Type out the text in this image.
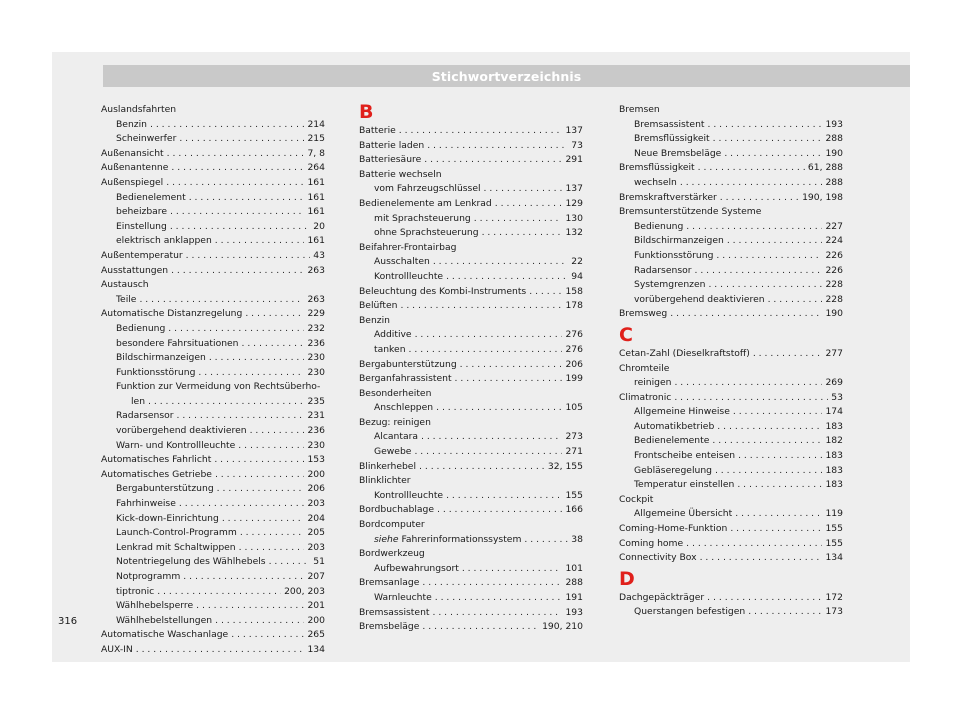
Stichwortverzeichnis
Auslandsfahrten
Benzin . . .	214
Scheinwerfer . . .	215
Außenansicht . . .	7, 8
Außenantenne . . .	264
Außenspiegel . . .	161
Bedienelement . . .	161
beheizbare . . .	161
Einstellung . . .	20
elektrisch anklappen . . .	161
Außentemperatur . . .	43
Ausstattungen . . .	263
Austausch
Teile . . .	263
Automatische Distanzregelung . . .	229
Bedienung . . .	232
besondere Fahrsituationen . . .	236
Bildschirmanzeigen . . .	230
Funktionsstörung . . .	230
Funktion zur Vermeidung von Rechtsüberho-
len . . .	235
Radarsensor . . .	231
vorübergehend deaktivieren . . .	236
Warn- und Kontrollleuchte . . .	230
Automatisches Fahrlicht . . .	153
Automatisches Getriebe . . .	200
Bergabunterstützung . . .	206
Fahrhinweise . . .	203
Kick-down-Einrichtung . . .	204
Launch-Control-Programm . . .	205
Lenkrad mit Schaltwippen . . .	203
Notentriegelung des Wählhebels . . .	51
Notprogramm . . .	207
tiptronic . . .	200, 203
Wählhebelsperre . . .	201
Wählhebelstellungen . . .	200
Automatische Waschanlage . . .	265
AUX-IN . . .	134
B
Batterie . . .	137
Batterie laden . . .	73
Batteriesäure . . .	291
Batterie wechseln
vom Fahrzeugschlüssel . . .	137
Bedienelemente am Lenkrad . . .	129
mit Sprachsteuerung . . .	130
ohne Sprachsteuerung . . .	132
Beifahrer-Frontairbag
Ausschalten . . .	22
Kontrollleuchte . . .	94
Beleuchtung des Kombi-Instruments . . .	158
Belüften . . .	178
Benzin
Additive . . .	276
tanken . . .	276
Bergabunterstützung . . .	206
Berganfahrassistent . . .	199
Besonderheiten
Anschleppen . . .	105
Bezug: reinigen
Alcantara . . .	273
Gewebe . . .	271
Blinkerhebel . . .	32, 155
Blinklichter
Kontrollleuchte . . .	155
Bordbuchablage . . .	166
Bordcomputer
siehe Fahrerinformationssystem . . .	38
Bordwerkzeug
Aufbewahrungsort . . .	101
Bremsanlage . . .	288
Warnleuchte . . .	191
Bremsassistent . . .	193
Bremsbeläge . . .	190, 210
Bremsen
Bremsassistent . . .	193
Bremsflüssigkeit . . .	288
Neue Bremsbeläge . . .	190
Bremsflüssigkeit . . .	61, 288
wechseln . . .	288
Bremskraftverstärker . . .	190, 198
Bremsunterstützende Systeme
Bedienung . . .	227
Bildschirmanzeigen . . .	224
Funktionsstörung . . .	226
Radarsensor . . .	226
Systemgrenzen . . .	228
vorübergehend deaktivieren . . .	228
Bremsweg . . .	190
C
Cetan-Zahl (Dieselkraftstoff) . . .	277
Chromteile
reinigen . . .	269
Climatronic . . .	53
Allgemeine Hinweise . . .	174
Automatikbetrieb . . .	183
Bedienelemente . . .	182
Frontscheibe enteisen . . .	183
Gebläseregelung . . .	183
Temperatur einstellen . . .	183
Cockpit
Allgemeine Übersicht . . .	119
Coming-Home-Funktion . . .	155
Coming home . . .	155
Connectivity Box . . .	134
D
Dachgepäckträger . . .	172
Querstangen befestigen . . .	173
316
